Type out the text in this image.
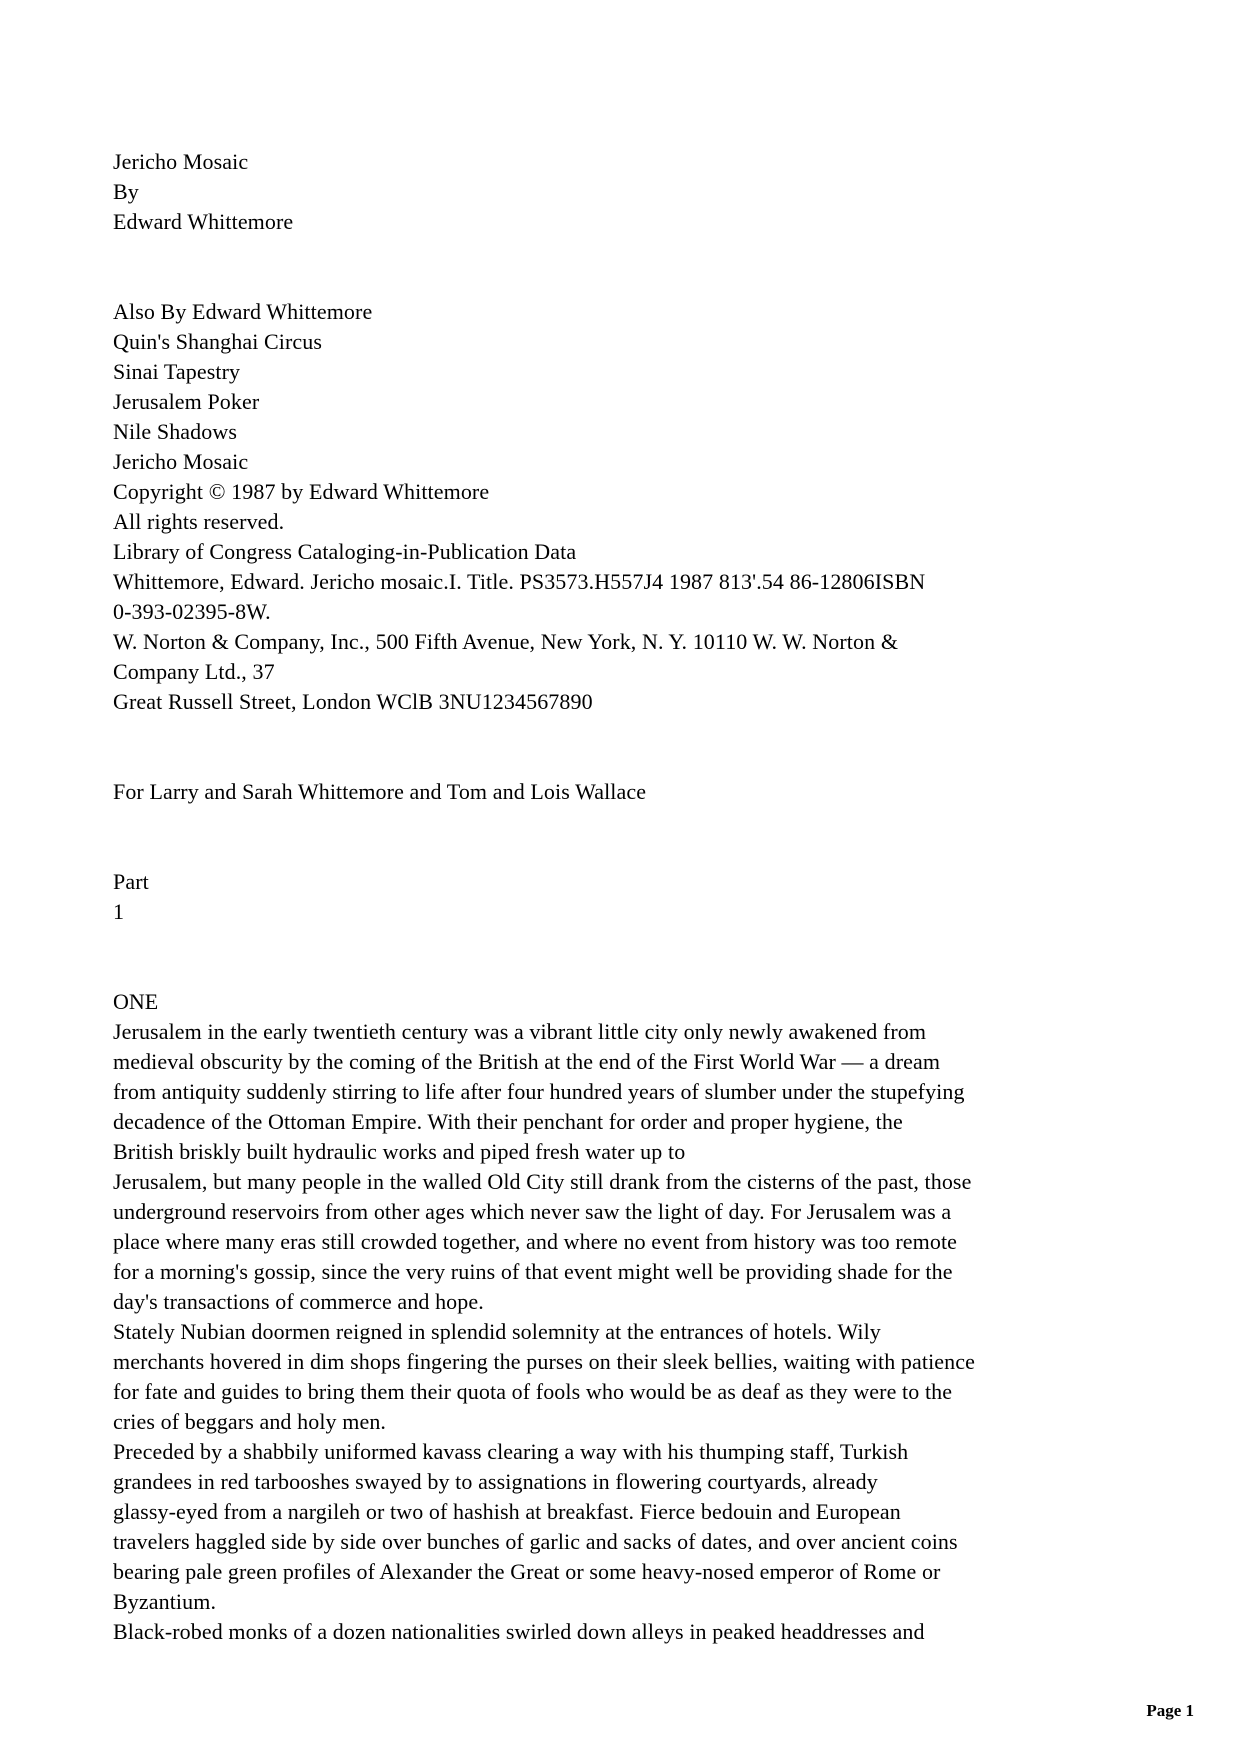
Jericho Mosaic
By
Edward Whittemore
Also By Edward Whittemore
Quin's Shanghai Circus
Sinai Tapestry
Jerusalem Poker
Nile Shadows
Jericho Mosaic
Copyright © 1987 by Edward Whittemore
All rights reserved.
Library of Congress Cataloging-in-Publication Data
Whittemore, Edward. Jericho mosaic.I. Title. PS3573.H557J4 1987 813'.54 86-12806ISBN
0-393-02395-8W.
W. Norton & Company, Inc., 500 Fifth Avenue, New York, N. Y. 10110 W. W. Norton &
Company Ltd., 37
Great Russell Street, London WClB 3NU1234567890
For Larry and Sarah Whittemore and Tom and Lois Wallace
Part
1
ONE
Jerusalem in the early twentieth century was a vibrant little city only newly awakened from
medieval obscurity by the coming of the British at the end of the First World War — a dream
from antiquity suddenly stirring to life after four hundred years of slumber under the stupefying
decadence of the Ottoman Empire. With their penchant for order and proper hygiene, the
British briskly built hydraulic works and piped fresh water up to
Jerusalem, but many people in the walled Old City still drank from the cisterns of the past, those
underground reservoirs from other ages which never saw the light of day. For Jerusalem was a
place where many eras still crowded together, and where no event from history was too remote
for a morning's gossip, since the very ruins of that event might well be providing shade for the
day's transactions of commerce and hope.
Stately Nubian doormen reigned in splendid solemnity at the entrances of hotels. Wily
merchants hovered in dim shops fingering the purses on their sleek bellies, waiting with patience
for fate and guides to bring them their quota of fools who would be as deaf as they were to the
cries of beggars and holy men.
Preceded by a shabbily uniformed kavass clearing a way with his thumping staff, Turkish
grandees in red tarbooshes swayed by to assignations in flowering courtyards, already
glassy-eyed from a nargileh or two of hashish at breakfast. Fierce bedouin and European
travelers haggled side by side over bunches of garlic and sacks of dates, and over ancient coins
bearing pale green profiles of Alexander the Great or some heavy-nosed emperor of Rome or
Byzantium.
Black-robed monks of a dozen nationalities swirled down alleys in peaked headdresses and
Page 1
